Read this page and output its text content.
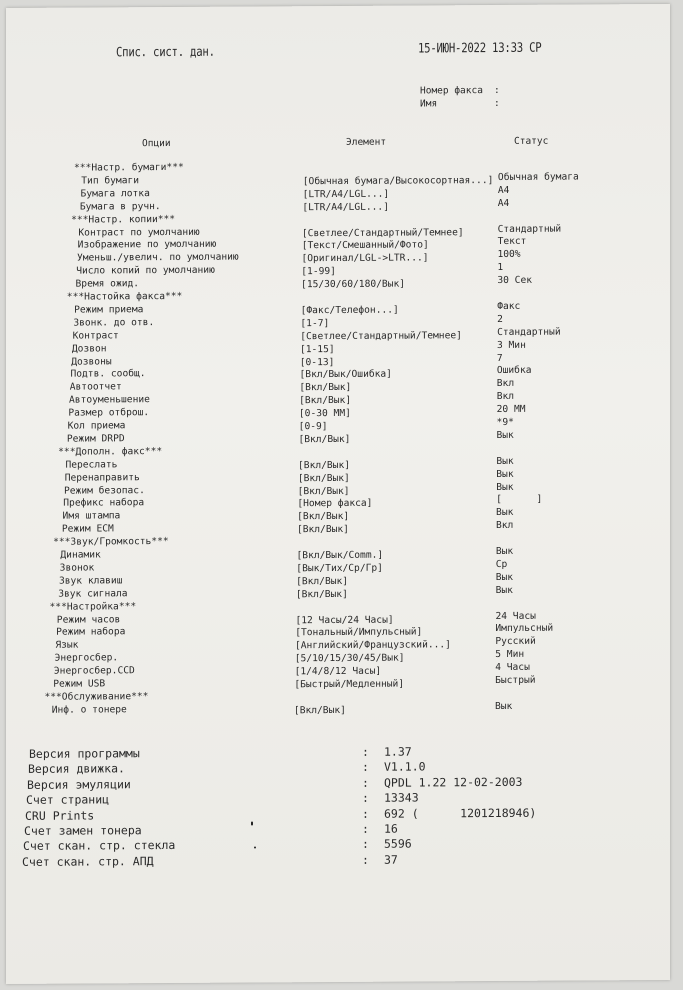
Спис. сист. дан.	15-ИЮН-2022 13:33 СР
Номер факса :
Имя	:
Опции	Элемент	Статус
***Настр. бумаги***
Тип бумаги	[Обычная бумага/Высокосортная...] Обычная бумага
Бумага лотка	[LTR/A4/LGL...]	A4
Бумага в ручн.	[LTR/A4/LGL...]	A4
***Настр. копии***
Контраст по умолчанию	[Светлее/Стандартный/Темнее]	Стандартный
Изображение по умолчанию	[Текст/Смешанный/Фото]	Текст
Уменьш./увелич. по умолчанию	[Оригинал/LGL->LTR...]	100%
Число копий по умолчанию	[1-99]	1
Время ожид.	[15/30/60/180/Вык]	30 Сек
***Настойка факса***
Режим приема	[Факс/Телефон...]	Факс
Звонк. до отв.	[1-7]	2
Контраст	[Светлее/Стандартный/Темнее]	Стандартный
Дозвон	[1-15]	3 Мин
Дозвоны	[0-13]	7
Подтв. сообщ.	[Вкл/Вык/Ошибка]	Ошибка
Автоотчет	[Вкл/Вык]	Вкл
Автоуменьшение	[Вкл/Вык]	Вкл
Размер отброш.	[0-30 ММ]	20 ММ
Кол приема	[0-9]	*9*
Режим DRPD	[Вкл/Вык]	Вык
***Дополн. факс***
Переслать	[Вкл/Вык]	Вык
Перенаправить	[Вкл/Вык]	Вык
Режим безопас.	[Вкл/Вык]	Вык
Префикс набора	[Номер факса]	[      ]
Имя штампа	[Вкл/Вык]	Вык
Режим ECM	[Вкл/Вык]	Вкл
***Звук/Громкость***
Динамик	[Вкл/Вык/Comm.]	Вык
Звонок	[Вык/Тих/Ср/Гр]	Ср
Звук клавиш	[Вкл/Вык]	Вык
Звук сигнала	[Вкл/Вык]	Вык
***Настройка***
Режим часов	[12 Часы/24 Часы]	24 Часы
Режим набора	[Тональный/Импульсный]	Импульсный
Язык	[Английский/Французский...]	Русский
Энергосбер.	[5/10/15/30/45/Вык]	5 Мин
Энергосбер.CCD	[1/4/8/12 Часы]	4 Часы
Режим USB	[Быстрый/Медленный]	Быстрый
***Обслуживание***
Инф. о тонере	[Вкл/Вык]	Вык
Версия программы	: 1.37
Версия движка.	: V1.1.0
Версия эмуляции	: QPDL 1.22 12-02-2003
Счет страниц	: 13343
CRU Prints	: 692 (      1201218946)
Счет замен тонера	: 16
Счет скан. стр. стекла	: 5596
Счет скан. стр. АПД	: 37
